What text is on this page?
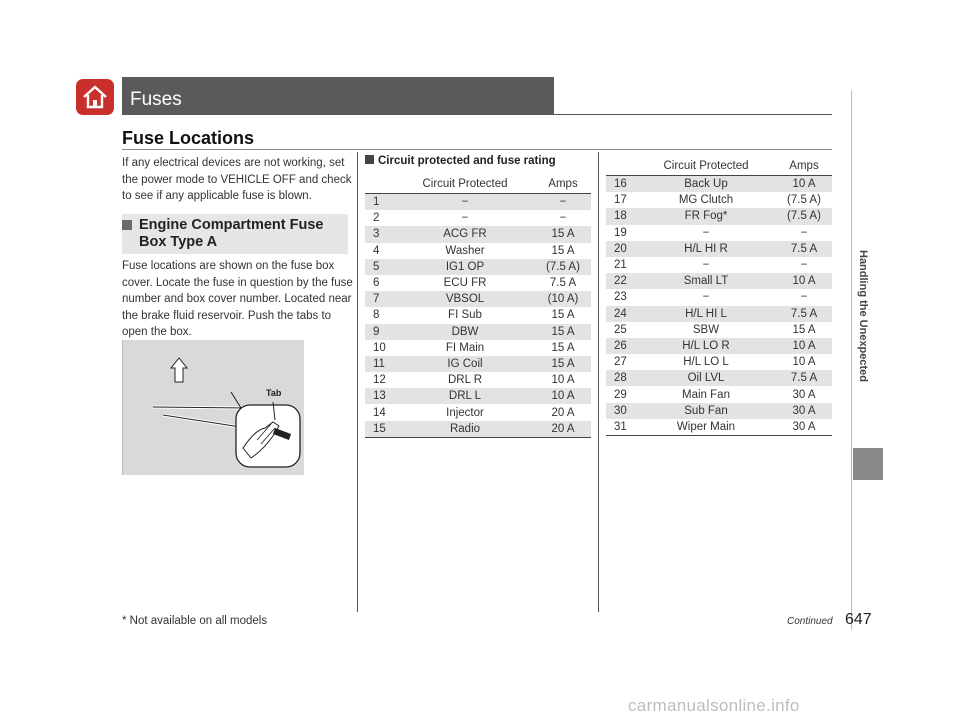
Fuses
Fuse Locations
If any electrical devices are not working, set the power mode to VEHICLE OFF and check to see if any applicable fuse is blown.
Engine Compartment Fuse
Box Type A
Fuse locations are shown on the fuse box cover. Locate the fuse in question by the fuse number and box cover number. Located near the brake fluid reservoir. Push the tabs to open the box.
Tab
Circuit protected and fuse rating
	Circuit Protected	Amps
1	−	−
2	−	−
3	ACG FR	15 A
4	Washer	15 A
5	IG1 OP	(7.5 A)
6	ECU FR	7.5 A
7	VBSOL	(10 A)
8	FI Sub	15 A
9	DBW	15 A
10	FI Main	15 A
11	IG Coil	15 A
12	DRL R	10 A
13	DRL L	10 A
14	Injector	20 A
15	Radio	20 A
	Circuit Protected	Amps
16	Back Up	10 A
17	MG Clutch	(7.5 A)
18	FR Fog*	(7.5 A)
19	−	−
20	H/L HI R	7.5 A
21	−	−
22	Small LT	10 A
23	−	−
24	H/L HI L	7.5 A
25	SBW	15 A
26	H/L LO R	10 A
27	H/L LO L	10 A
28	Oil LVL	7.5 A
29	Main Fan	30 A
30	Sub Fan	30 A
31	Wiper Main	30 A
Handling the Unexpected
* Not available on all models	Continued 647
carmanualsonline.info
